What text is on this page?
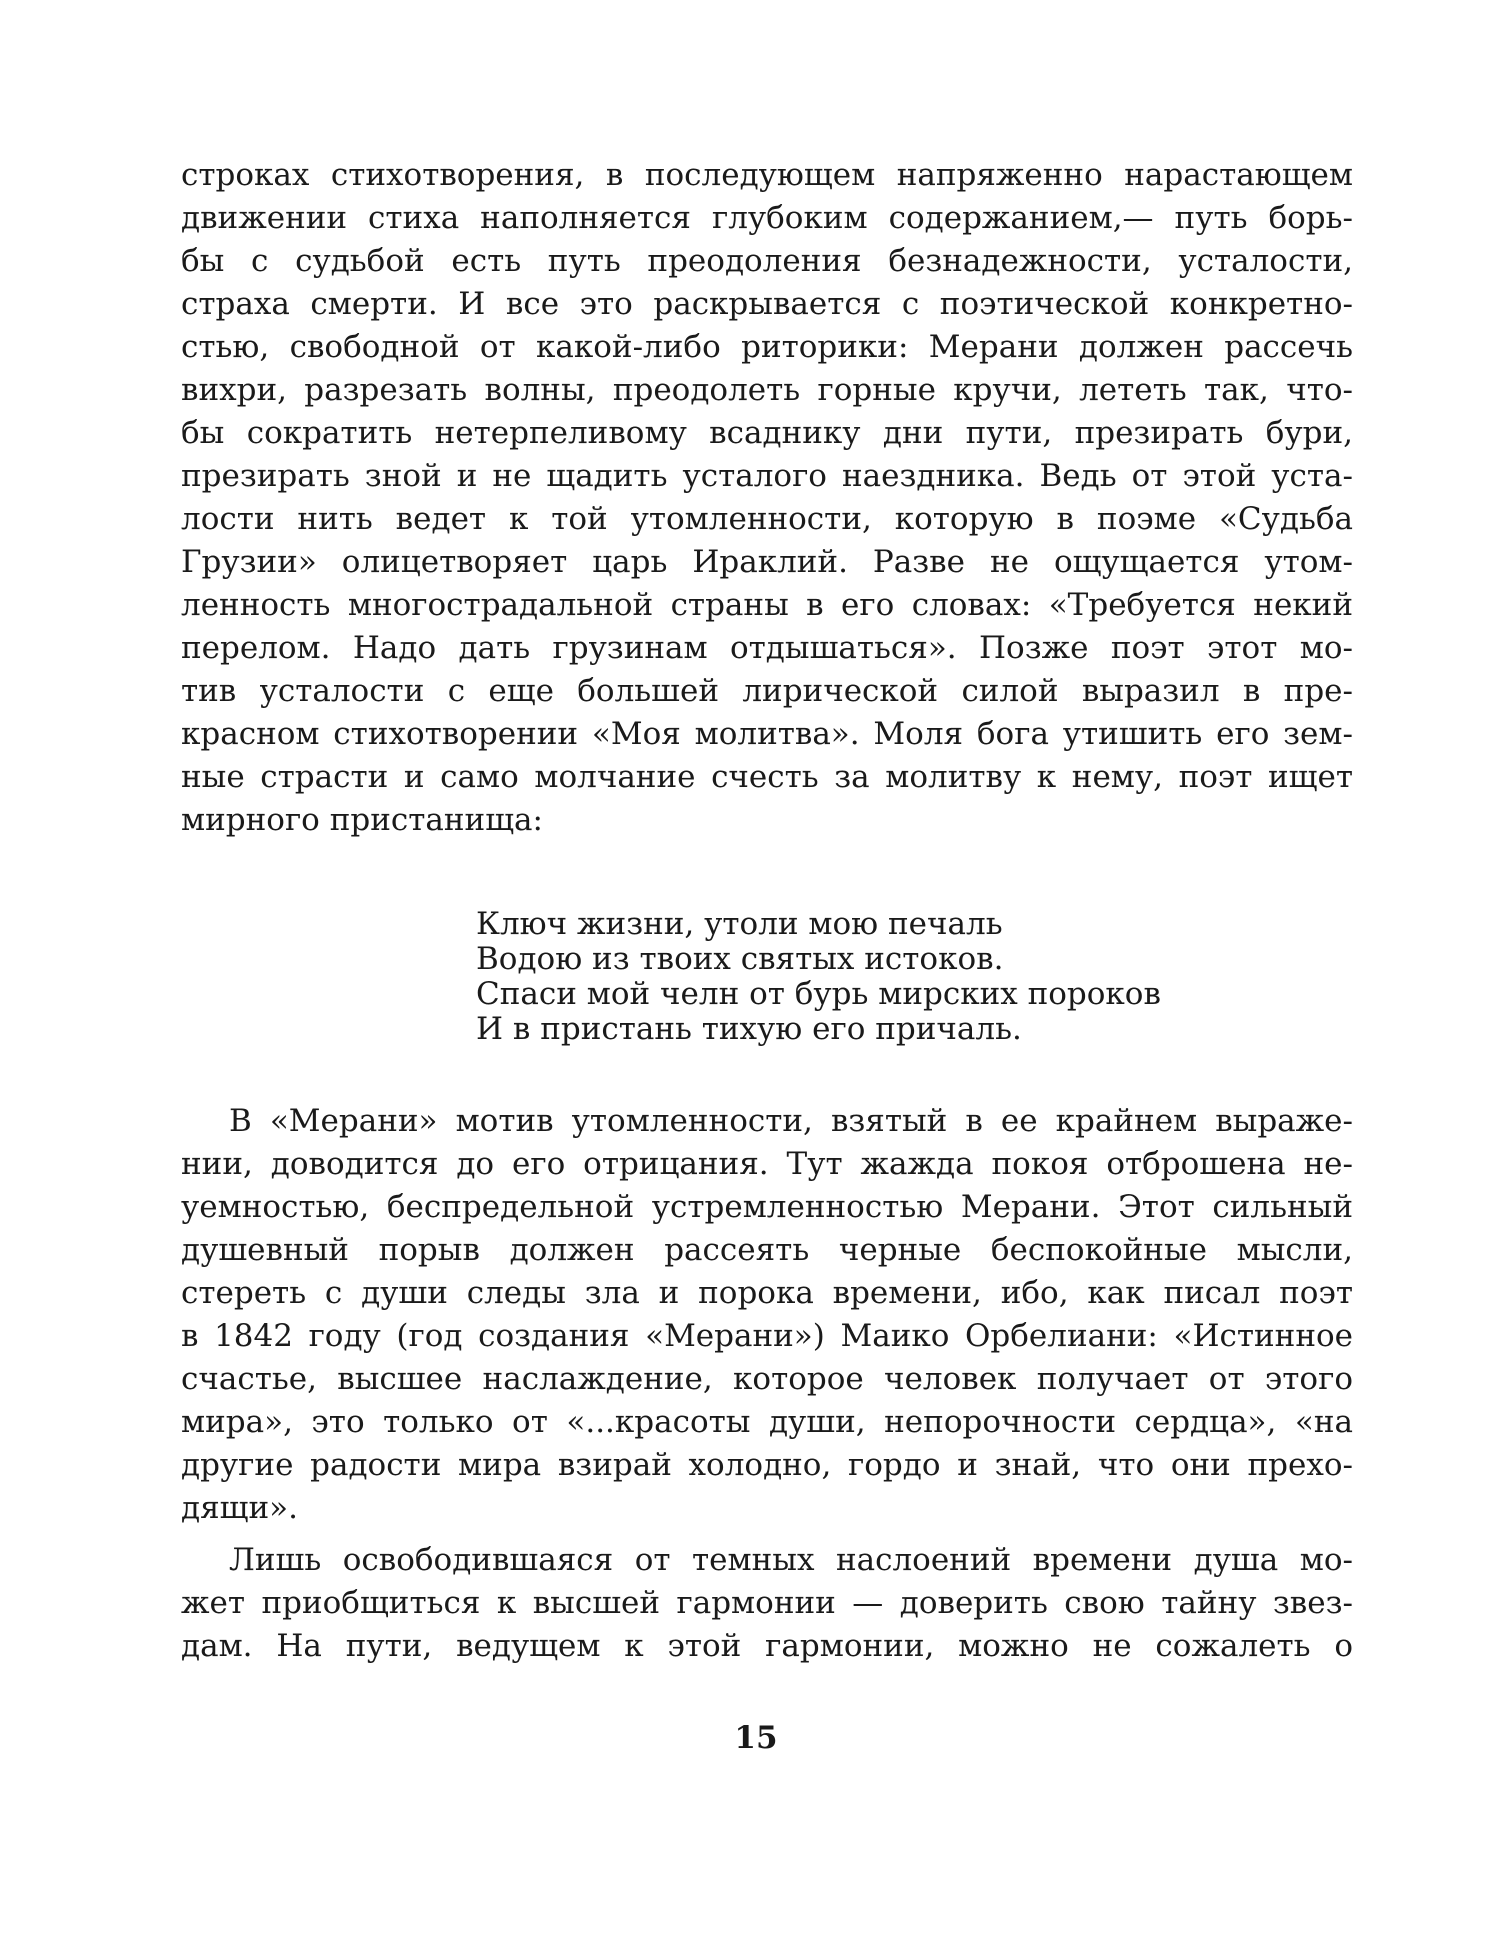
строках стихотворения, в последующем напряженно нарастающем
движении стиха наполняется глубоким содержанием,— путь борь-
бы с судьбой есть путь преодоления безнадежности, усталости,
страха смерти. И все это раскрывается с поэтической конкретно-
стью, свободной от какой-либо риторики: Мерани должен рассечь
вихри, разрезать волны, преодолеть горные кручи, лететь так, что-
бы сократить нетерпеливому всаднику дни пути, презирать бури,
презирать зной и не щадить усталого наездника. Ведь от этой уста-
лости нить ведет к той утомленности, которую в поэме «Судьба
Грузии» олицетворяет царь Ираклий. Разве не ощущается утом-
ленность многострадальной страны в его словах: «Требуется некий
перелом. Надо дать грузинам отдышаться». Позже поэт этот мо-
тив усталости с еще большей лирической силой выразил в пре-
красном стихотворении «Моя молитва». Моля бога утишить его зем-
ные страсти и само молчание счесть за молитву к нему, поэт ищет
мирного пристанища:
Ключ жизни, утоли мою печаль
Водою из твоих святых истоков.
Спаси мой челн от бурь мирских пороков
И в пристань тихую его причаль.
В «Мерани» мотив утомленности, взятый в ее крайнем выраже-
нии, доводится до его отрицания. Тут жажда покоя отброшена не-
уемностью, беспредельной устремленностью Мерани. Этот сильный
душевный порыв должен рассеять черные беспокойные мысли,
стереть с души следы зла и порока времени, ибо, как писал поэт
в 1842 году (год создания «Мерани») Маико Орбелиани: «Истинное
счастье, высшее наслаждение, которое человек получает от этого
мира», это только от «...красоты души, непорочности сердца», «на
другие радости мира взирай холодно, гордо и знай, что они прехо-
дящи».
Лишь освободившаяся от темных наслоений времени душа мо-
жет приобщиться к высшей гармонии — доверить свою тайну звез-
дам. На пути, ведущем к этой гармонии, можно не сожалеть о
15
